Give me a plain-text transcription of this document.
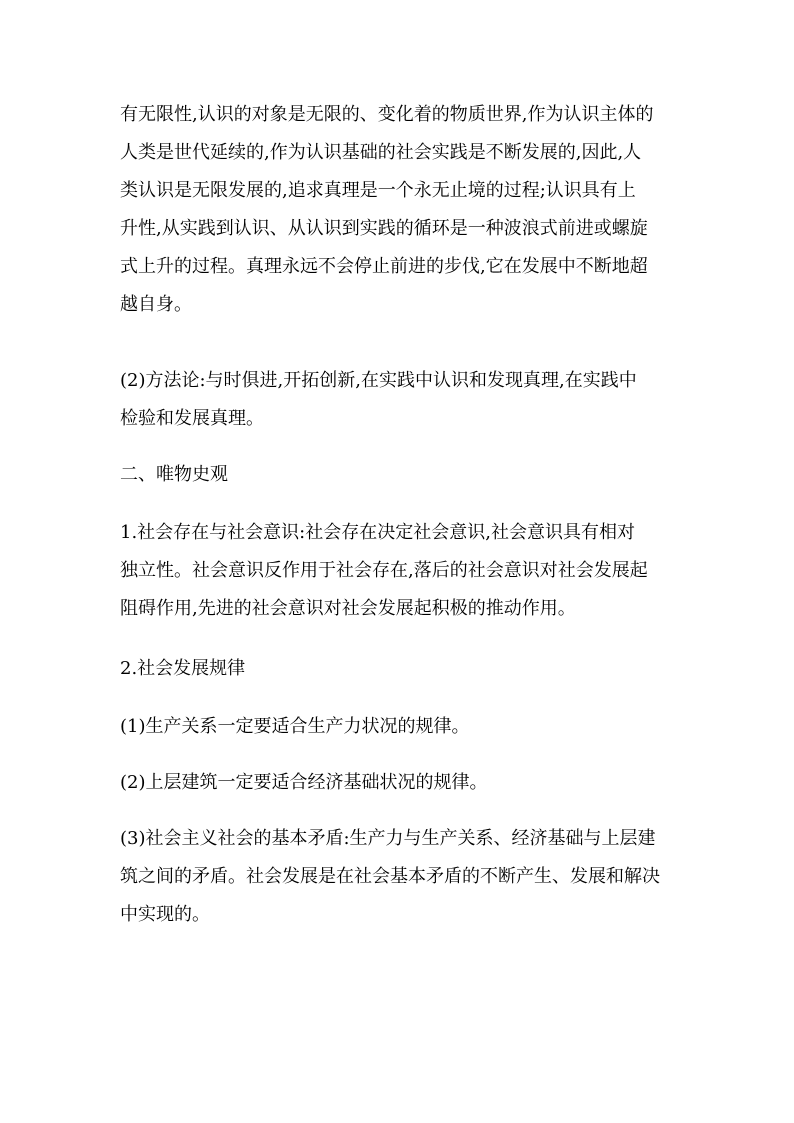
有无限性,认识的对象是无限的、变化着的物质世界,作为认识主体的
人类是世代延续的,作为认识基础的社会实践是不断发展的,因此,人
类认识是无限发展的,追求真理是一个永无止境的过程;认识具有上
升性,从实践到认识、从认识到实践的循环是一种波浪式前进或螺旋
式上升的过程。真理永远不会停止前进的步伐,它在发展中不断地超
越自身。

(2)方法论:与时俱进,开拓创新,在实践中认识和发现真理,在实践中
检验和发展真理。

二、唯物史观

1.社会存在与社会意识:社会存在决定社会意识,社会意识具有相对
独立性。社会意识反作用于社会存在,落后的社会意识对社会发展起
阻碍作用,先进的社会意识对社会发展起积极的推动作用。

2.社会发展规律

(1)生产关系一定要适合生产力状况的规律。

(2)上层建筑一定要适合经济基础状况的规律。

(3)社会主义社会的基本矛盾:生产力与生产关系、经济基础与上层建
筑之间的矛盾。社会发展是在社会基本矛盾的不断产生、发展和解决
中实现的。
